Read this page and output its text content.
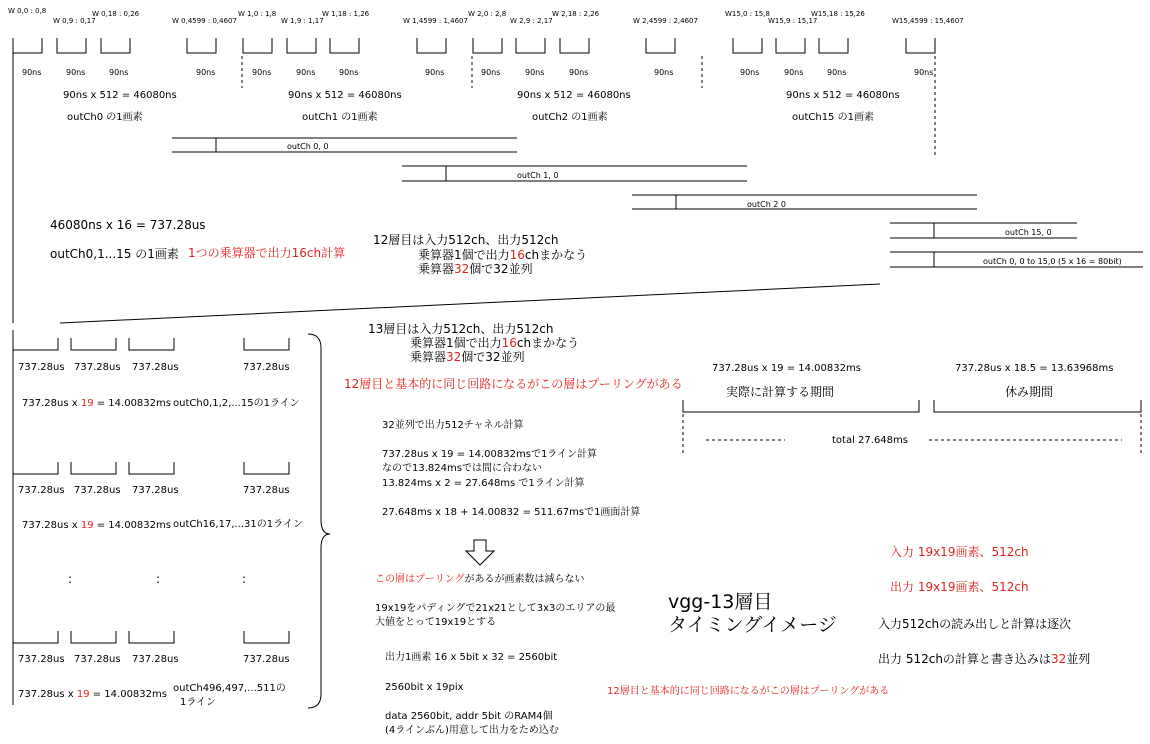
W 0,0 : 0,8
W 0,9 : 0,17
W 0,18 : 0,26
W 0,4599 : 0,4607
W 1,0 : 1,8
W 1,9 : 1,17
W 1,18 : 1,26
W 1,4599 : 1,4607
W 2,0 : 2,8
W 2,9 : 2,17
W 2,18 : 2,26
W 2,4599 : 2,4607
W15,0 : 15,8
W15,9 : 15,17
W15,18 : 15,26
W15,4599 : 15,4607
90ns	90ns	90ns	90ns	90ns	90ns	90ns	90ns	90ns	90ns	90ns	90ns	90ns	90ns	90ns	90ns
90ns x 512 = 46080ns	90ns x 512 = 46080ns	90ns x 512 = 46080ns	90ns x 512 = 46080ns
outCh0 の1画素	outCh1 の1画素	outCh2 の1画素	outCh15 の1画素
outCh 0, 0
outCh 1, 0
outCh 2 0
outCh 15, 0
outCh 0, 0 to 15,0 (5 x 16 = 80bit)
737.28us 737.28us 737.28us	737.28us
737.28us 737.28us 737.28us	737.28us
737.28us 737.28us 737.28us	737.28us
outCh0,1,2,...15の1ライン
outCh16,17,...31の1ライン
outCh496,497,...511の
1ライン
:	:	:
737.28us x 19 = 14.00832ms
737.28us x 19 = 14.00832ms
737.28us x 19 = 14.00832ms
46080ns x 16 = 737.28us
outCh0,1...15 の1画素 1つの乗算器で出力16ch計算
12層目は入力512ch、出力512ch
乗算器1個で出力16chまかなう
乗算器32個で32並列
13層目は入力512ch、出力512ch
乗算器1個で出力16chまかなう
乗算器32個で32並列
12層目と基本的に同じ回路になるがこの層はプーリングがある
32並列で出力512チャネル計算
737.28us x 19 = 14.00832msで1ライン計算
なので13.824msでは間に合わない
13.824ms x 2 = 27.648ms で1ライン計算
27.648ms x 18 + 14.00832 = 511.67msで1画面計算
この層はプーリングがあるが画素数は減らない
19x19をパディングで21x21として3x3のエリアの最
大値をとって19x19とする
出力1画素 16 x 5bit x 32 = 2560bit
2560bit x 19pix
data 2560bit, addr 5bit のRAM4個
(4ラインぶん)用意して出力をため込む
737.28us x 19 = 14.00832ms
実際に計算する期間
737.28us x 18.5 = 13.63968ms
休み期間
total 27.648ms
vgg-13層目
タイミングイメージ
入力 19x19画素、512ch
出力 19x19画素、512ch
入力512chの読み出しと計算は逐次
出力 512chの計算と書き込みは32並列
12層目と基本的に同じ回路になるがこの層はプーリングがある
